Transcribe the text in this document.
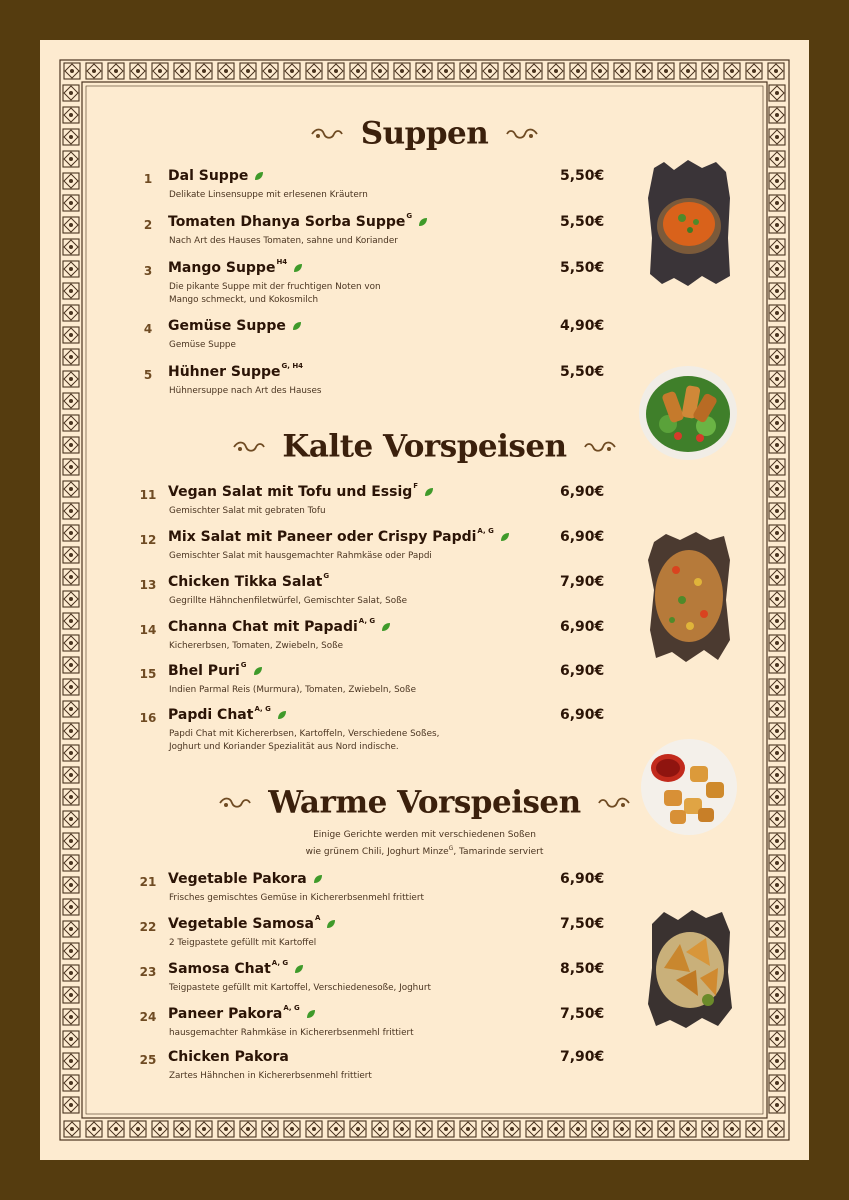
Suppen
1	Dal Suppe
Delikate Linsensuppe mit erlesenen Kräutern
5,50€
2	Tomaten Dhanya Sorba Suppe$^G$
Nach Art des Hauses Tomaten, sahne und Koriander
5,50€
3	Mango Suppe$^{H4}$
Die pikante Suppe mit der fruchtigen Noten von
Mango schmeckt, und Kokosmilch
5,50€
4	Gemüse Suppe
Gemüse Suppe
4,90€
5	Hühner Suppe$^{G, H4}$
Hühnersuppe nach Art des Hauses
5,50€
Kalte Vorspeisen
11 Vegan Salat mit Tofu und Essig$^F$
Gemischter Salat mit gebraten Tofu
6,90€
12 Mix Salat mit Paneer oder Crispy Papdi$^{A, G}$
Gemischter Salat mit hausgemachter Rahmkäse oder Papdi
6,90€
13 Chicken Tikka Salat$^G$
Gegrillte Hähnchenfiletwürfel, Gemischter Salat, Soße
7,90€
14 Channa Chat mit Papadi$^{A, G}$
Kichererbsen, Tomaten, Zwiebeln, Soße
6,90€
15 Bhel Puri$^G$
Indien Parmal Reis (Murmura), Tomaten, Zwiebeln, Soße
6,90€
16 Papdi Chat$^{A, G}$
Papdi Chat mit Kichererbsen, Kartoffeln, Verschiedene Soßes,
Joghurt und Koriander Spezialität aus Nord indische.
6,90€
Warme Vorspeisen
Einige Gerichte werden mit verschiedenen Soßen
wie grünem Chili, Joghurt Minze$^G$, Tamarinde serviert
21 Vegetable Pakora
Frisches gemischtes Gemüse in Kichererbsenmehl frittiert
6,90€
22 Vegetable Samosa$^A$
2 Teigpastete gefüllt mit Kartoffel
7,50€
23 Samosa Chat$^{A, G}$
Teigpastete gefüllt mit Kartoffel, Verschiedenesoße, Joghurt
8,50€
24 Paneer Pakora$^{A, G}$
hausgemachter Rahmkäse in Kichererbsenmehl frittiert
7,50€
25 Chicken Pakora
Zartes Hähnchen in Kichererbsenmehl frittiert
7,90€
